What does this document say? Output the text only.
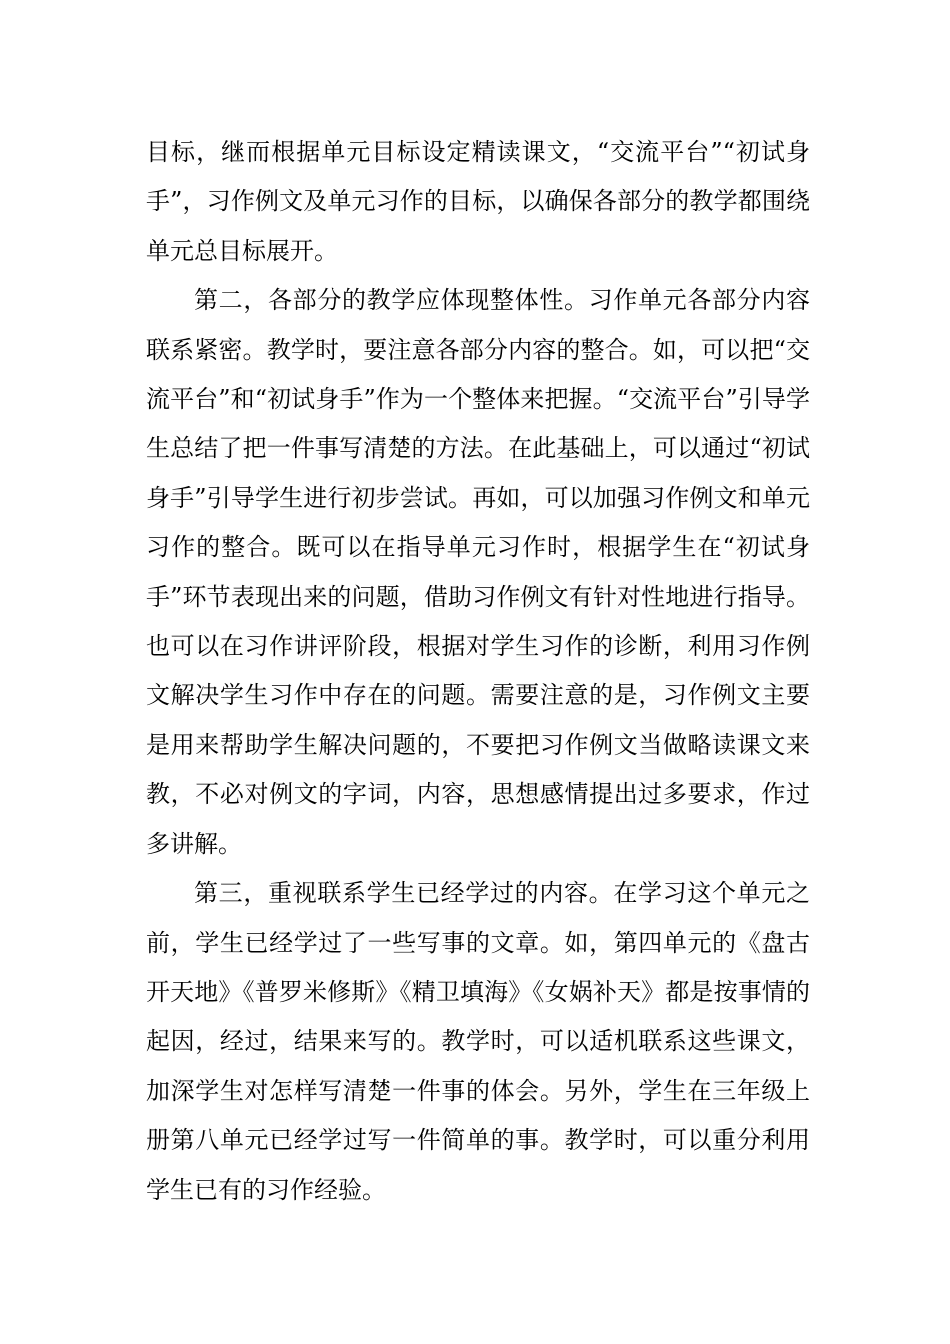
目标，继而根据单元目标设定精读课文，“交流平台”“初试身手”，习作例文及单元习作的目标，以确保各部分的教学都围绕单元总目标展开。

第二，各部分的教学应体现整体性。习作单元各部分内容联系紧密。教学时，要注意各部分内容的整合。如，可以把“交流平台”和“初试身手”作为一个整体来把握。“交流平台”引导学生总结了把一件事写清楚的方法。在此基础上，可以通过“初试身手”引导学生进行初步尝试。再如，可以加强习作例文和单元习作的整合。既可以在指导单元习作时，根据学生在“初试身手”环节表现出来的问题，借助习作例文有针对性地进行指导。也可以在习作讲评阶段，根据对学生习作的诊断，利用习作例文解决学生习作中存在的问题。需要注意的是，习作例文主要是用来帮助学生解决问题的，不要把习作例文当做略读课文来教，不必对例文的字词，内容，思想感情提出过多要求，作过多讲解。

第三，重视联系学生已经学过的内容。在学习这个单元之前，学生已经学过了一些写事的文章。如，第四单元的《盘古开天地》《普罗米修斯》《精卫填海》《女娲补天》都是按事情的起因，经过，结果来写的。教学时，可以适机联系这些课文，加深学生对怎样写清楚一件事的体会。另外，学生在三年级上册第八单元已经学过写一件简单的事。教学时，可以重分利用学生已有的习作经验。
